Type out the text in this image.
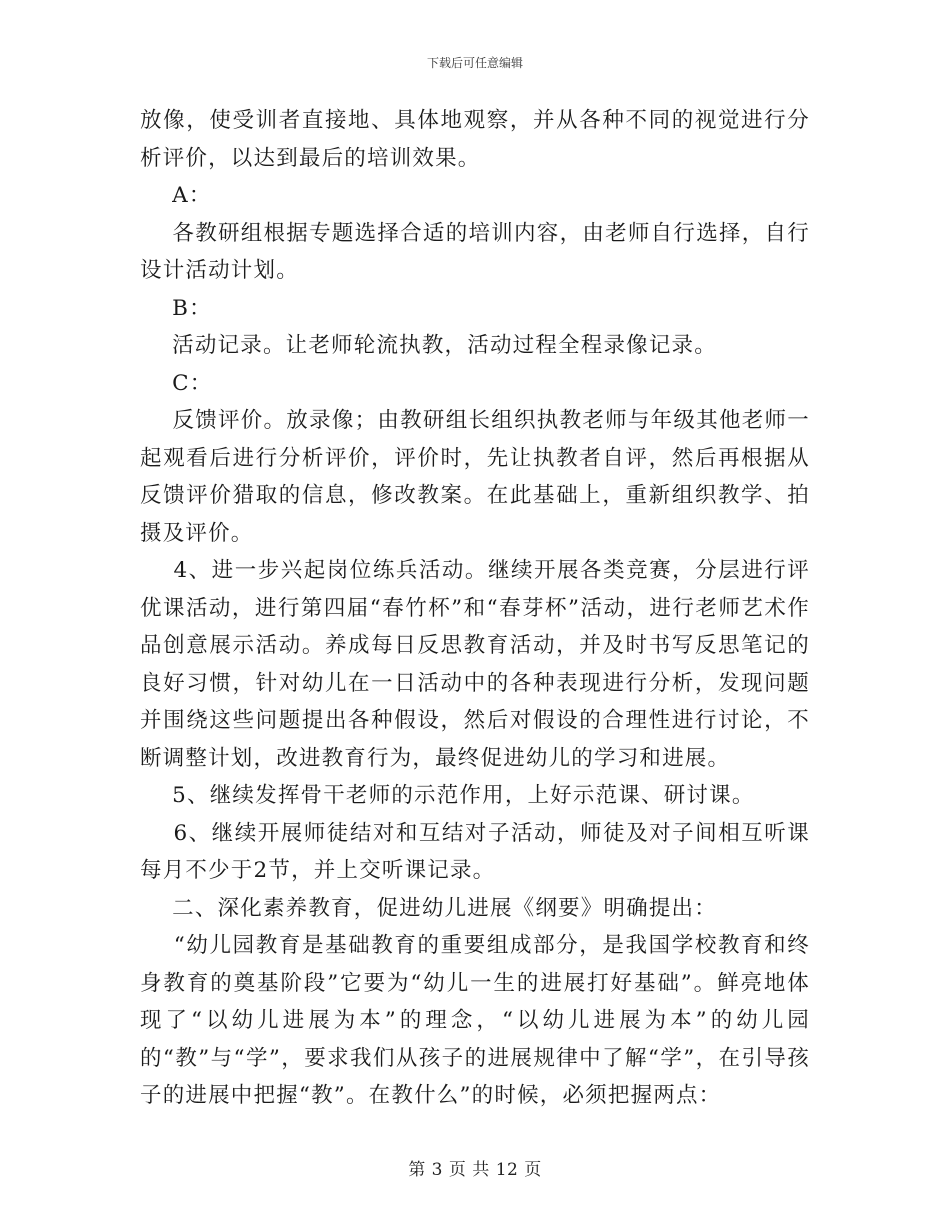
下载后可任意编辑

放像，使受训者直接地、具体地观察，并从各种不同的视觉进行分析评价，以达到最后的培训效果。

A：

各教研组根据专题选择合适的培训内容，由老师自行选择，自行设计活动计划。

B：

活动记录。让老师轮流执教，活动过程全程录像记录。

C：

反馈评价。放录像；由教研组长组织执教老师与年级其他老师一起观看后进行分析评价，评价时，先让执教者自评，然后再根据从反馈评价猎取的信息，修改教案。在此基础上，重新组织教学、拍摄及评价。

4、进一步兴起岗位练兵活动。继续开展各类竞赛，分层进行评优课活动，进行第四届“春竹杯”和“春芽杯”活动，进行老师艺术作品创意展示活动。养成每日反思教育活动，并及时书写反思笔记的良好习惯，针对幼儿在一日活动中的各种表现进行分析，发现问题并围绕这些问题提出各种假设，然后对假设的合理性进行讨论，不断调整计划，改进教育行为，最终促进幼儿的学习和进展。

5、继续发挥骨干老师的示范作用，上好示范课、研讨课。

6、继续开展师徒结对和互结对子活动，师徒及对子间相互听课每月不少于2节，并上交听课记录。

二、深化素养教育，促进幼儿进展《纲要》明确提出：

“幼儿园教育是基础教育的重要组成部分，是我国学校教育和终身教育的奠基阶段”它要为“幼儿一生的进展打好基础”。鲜亮地体现了“以幼儿进展为本”的理念，“以幼儿进展为本”的幼儿园的“教”与“学”，要求我们从孩子的进展规律中了解“学”，在引导孩子的进展中把握“教”。在教什么”的时候，必须把握两点：

第 3 页 共 12 页
